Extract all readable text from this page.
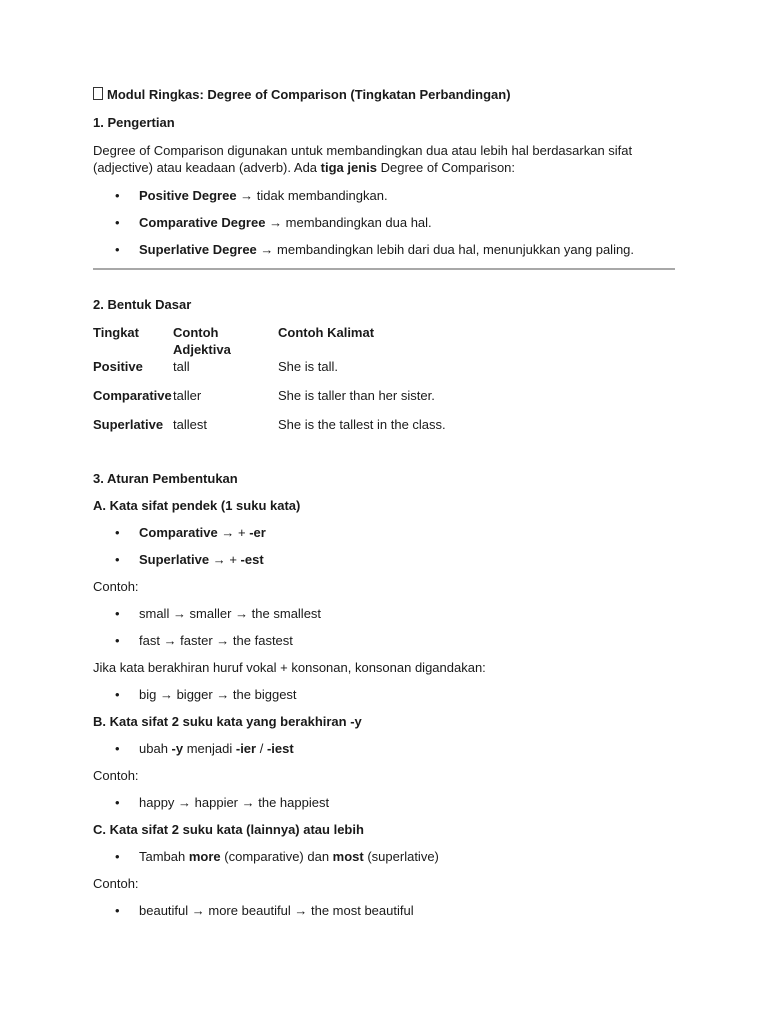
Modul Ringkas: Degree of Comparison (Tingkatan Perbandingan)

1. Pengertian

Degree of Comparison digunakan untuk membandingkan dua atau lebih hal berdasarkan sifat (adjective) atau keadaan (adverb). Ada tiga jenis Degree of Comparison:

• Positive Degree → tidak membandingkan.
• Comparative Degree → membandingkan dua hal.
• Superlative Degree → membandingkan lebih dari dua hal, menunjukkan yang paling.

2. Bentuk Dasar

Tingkat	Contoh Adjektiva	Contoh Kalimat
Positive	tall	She is tall.
Comparative	taller	She is taller than her sister.
Superlative	tallest	She is the tallest in the class.

3. Aturan Pembentukan

A. Kata sifat pendek (1 suku kata)

• Comparative → + -er
• Superlative → + -est

Contoh:

• small → smaller → the smallest
• fast → faster → the fastest

Jika kata berakhiran huruf vokal + konsonan, konsonan digandakan:

• big → bigger → the biggest

B. Kata sifat 2 suku kata yang berakhiran -y

• ubah -y menjadi -ier / -iest

Contoh:

• happy → happier → the happiest

C. Kata sifat 2 suku kata (lainnya) atau lebih

• Tambah more (comparative) dan most (superlative)

Contoh:

• beautiful → more beautiful → the most beautiful
